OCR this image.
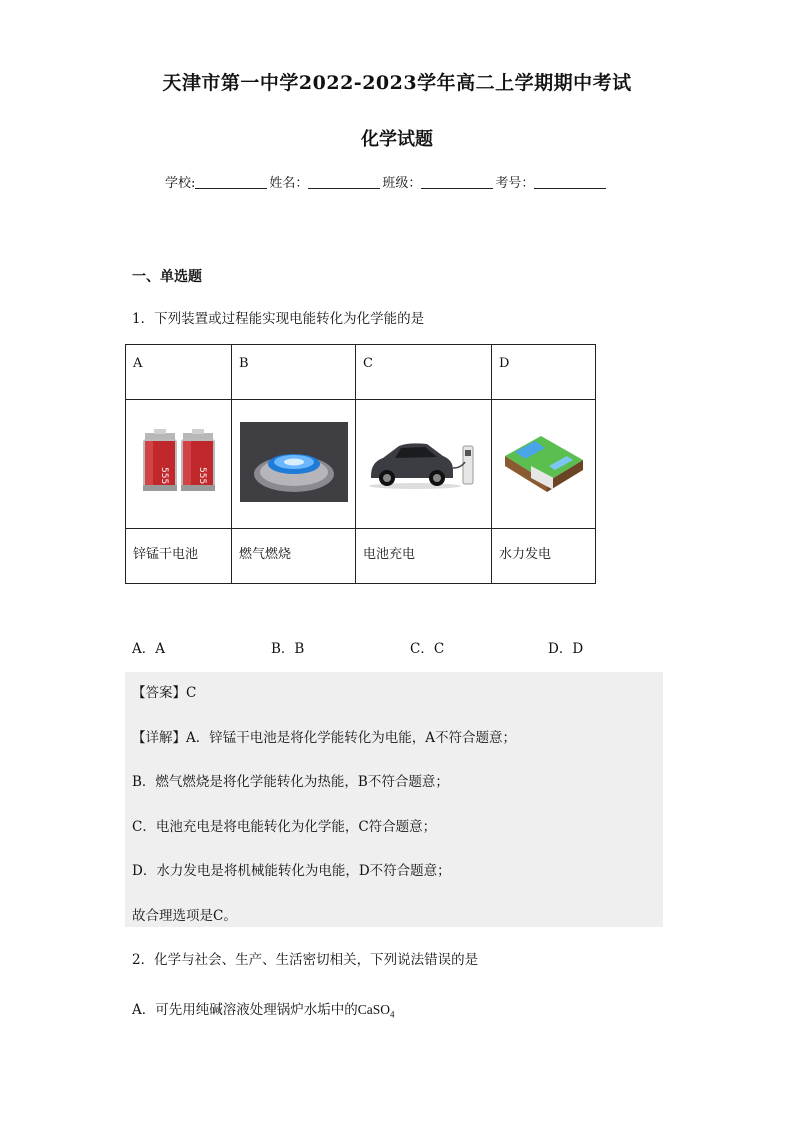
天津市第一中学2022-2023学年高二上学期期中考试
化学试题
学校:	姓名：	班级：	考号：
一、单选题
1．下列装置或过程能实现电能转化为化学能的是
A	B	C	D

555 555

锌锰干电池	燃气燃烧	电池充电	水力发电
A．A	B．B	C．C	D．D
【答案】C
【详解】A．锌锰干电池是将化学能转化为电能，A不符合题意；
B．燃气燃烧是将化学能转化为热能，B不符合题意；
C．电池充电是将电能转化为化学能，C符合题意；
D．水力发电是将机械能转化为电能，D不符合题意；
故合理选项是C。
2．化学与社会、生产、生活密切相关，下列说法错误的是
A．可先用纯碱溶液处理锅炉水垢中的CaSO$_4$
